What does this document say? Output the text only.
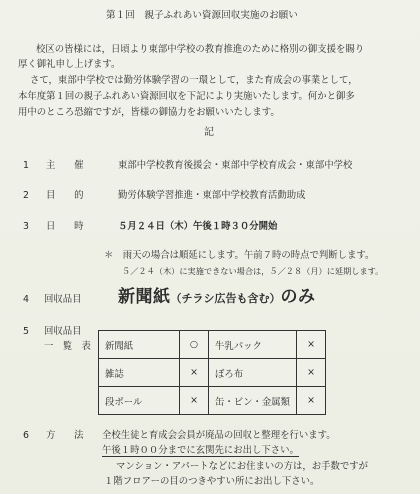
第１回　親子ふれあい資源回収実施のお願い
校区の皆様には，日頃より東部中学校の教育推進のために格別の御支援を賜り
厚く御礼申し上げます。
さて，東部中学校では勤労体験学習の一環として，また育成会の事業として，
本年度第１回の親子ふれあい資源回収を下記により実施いたします。何かと御多
用中のところ恐縮ですが，皆様の御協力をお願いいたします。
記
1	主　　催	東部中学校教育後援会・東部中学校育成会・東部中学校
2	目　　的	勤労体験学習推進・東部中学校教育活動助成
3	日　　時	５月２４日（木）午後１時３０分開始
＊　雨天の場合は順延にします。午前７時の時点で判断します。
５／２４（木）に実施できない場合は，５／２８（月）に延期します。
4	回収品目 新聞紙（チラシ広告も含む）のみ
5	回収品目
一　覧　表 新聞紙	○	牛乳パック	×
雑誌	×	ぼろ布	×
段ボール	×	缶・ビン・金属類	×
6	方　　法 全校生徒と育成会会員が廃品の回収と整理を行います。
午後１時００分までに玄関先にお出し下さい。
マンション・アパートなどにお住まいの方は，お手数ですが
１階フロアーの目のつきやすい所にお出し下さい。
